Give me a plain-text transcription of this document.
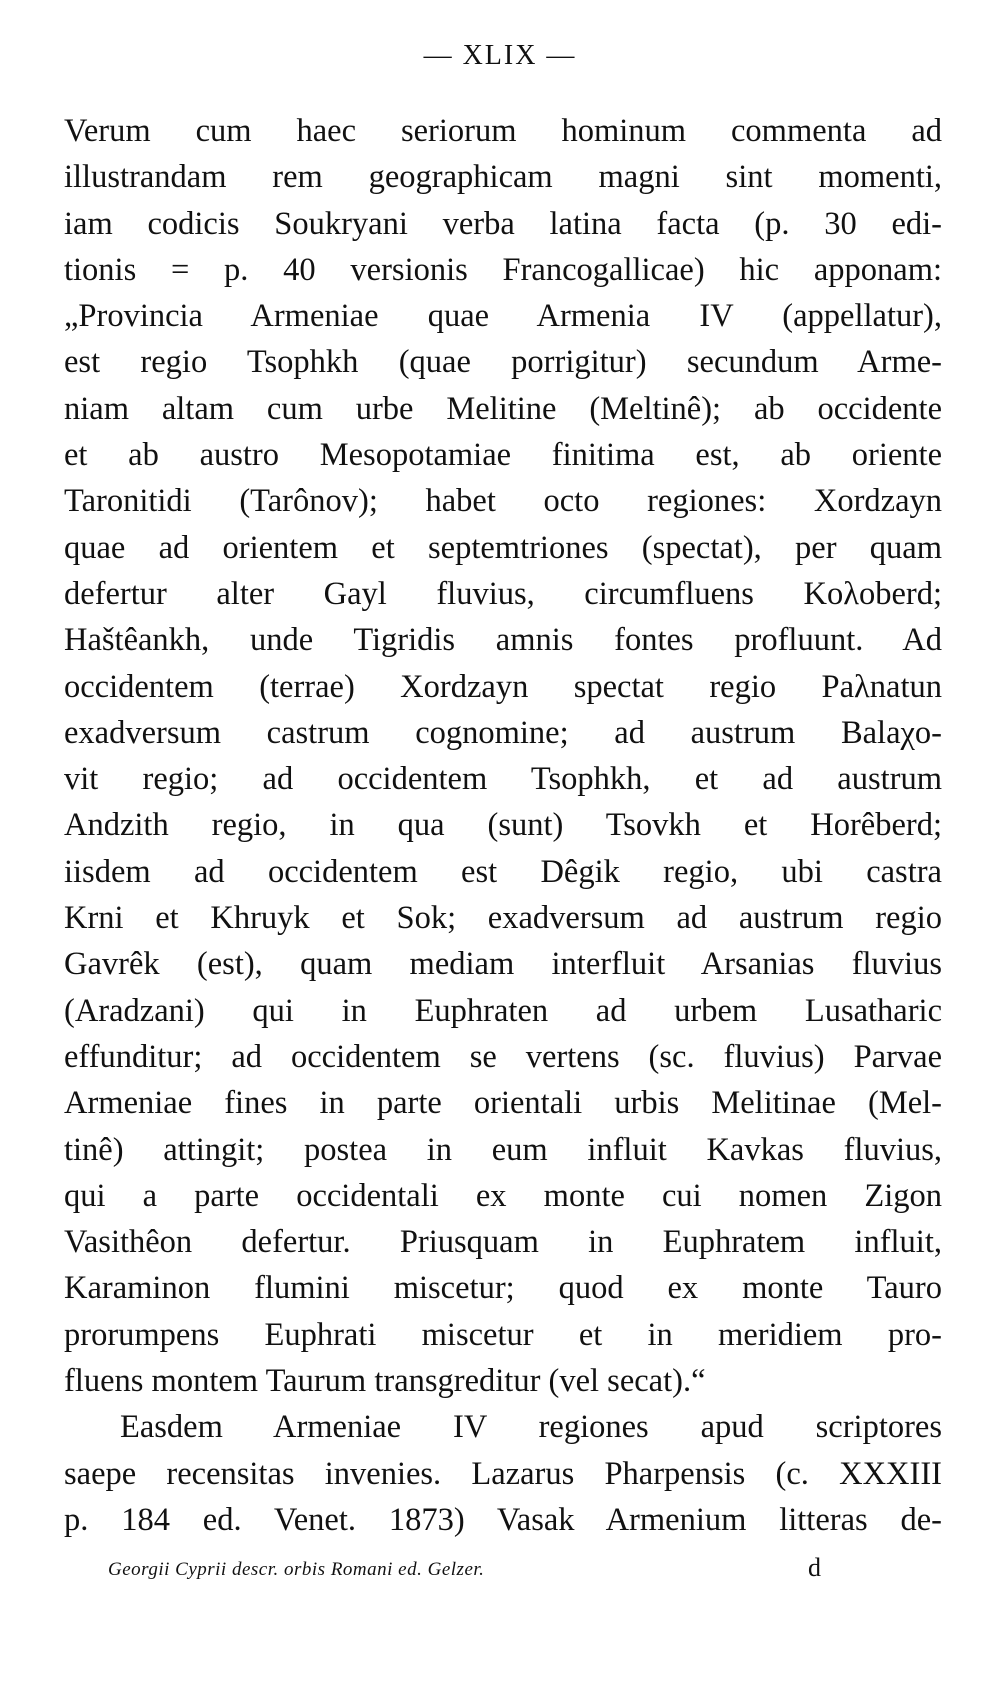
— XLIX —
Verum cum haec seriorum hominum commenta ad
illustrandam rem geographicam magni sint momenti,
iam codicis Soukryani verba latina facta (p. 30 edi-
tionis = p. 40 versionis Francogallicae) hic apponam:
„Provincia Armeniae quae Armenia IV (appellatur),
est regio Tsophkh (quae porrigitur) secundum Arme-
niam altam cum urbe Melitine (Meltinê); ab occidente
et ab austro Mesopotamiae finitima est, ab oriente
Taronitidi (Tarônov); habet octo regiones: Xordzayn
quae ad orientem et septemtriones (spectat), per quam
defertur alter Gayl fluvius, circumfluens Koλoberd;
Haštêankh, unde Tigridis amnis fontes profluunt. Ad
occidentem (terrae) Xordzayn spectat regio Paλnatun
exadversum castrum cognomine; ad austrum Balaχo-
vit regio; ad occidentem Tsophkh, et ad austrum
Andzith regio, in qua (sunt) Tsovkh et Horêberd;
iisdem ad occidentem est Dêgik regio, ubi castra
Krni et Khruyk et Sok; exadversum ad austrum regio
Gavrêk (est), quam mediam interfluit Arsanias fluvius
(Aradzani) qui in Euphraten ad urbem Lusatharic
effunditur; ad occidentem se vertens (sc. fluvius) Parvae
Armeniae fines in parte orientali urbis Melitinae (Mel-
tinê) attingit; postea in eum influit Kavkas fluvius,
qui a parte occidentali ex monte cui nomen Zigon
Vasithêon defertur. Priusquam in Euphratem influit,
Karaminon flumini miscetur; quod ex monte Tauro
prorumpens Euphrati miscetur et in meridiem pro-
fluens montem Taurum transgreditur (vel secat).“
Easdem Armeniae IV regiones apud scriptores
saepe recensitas invenies. Lazarus Pharpensis (c. XXXIII
p. 184 ed. Venet. 1873) Vasak Armenium litteras de-
Georgii Cyprii descr. orbis Romani ed. Gelzer.	d
